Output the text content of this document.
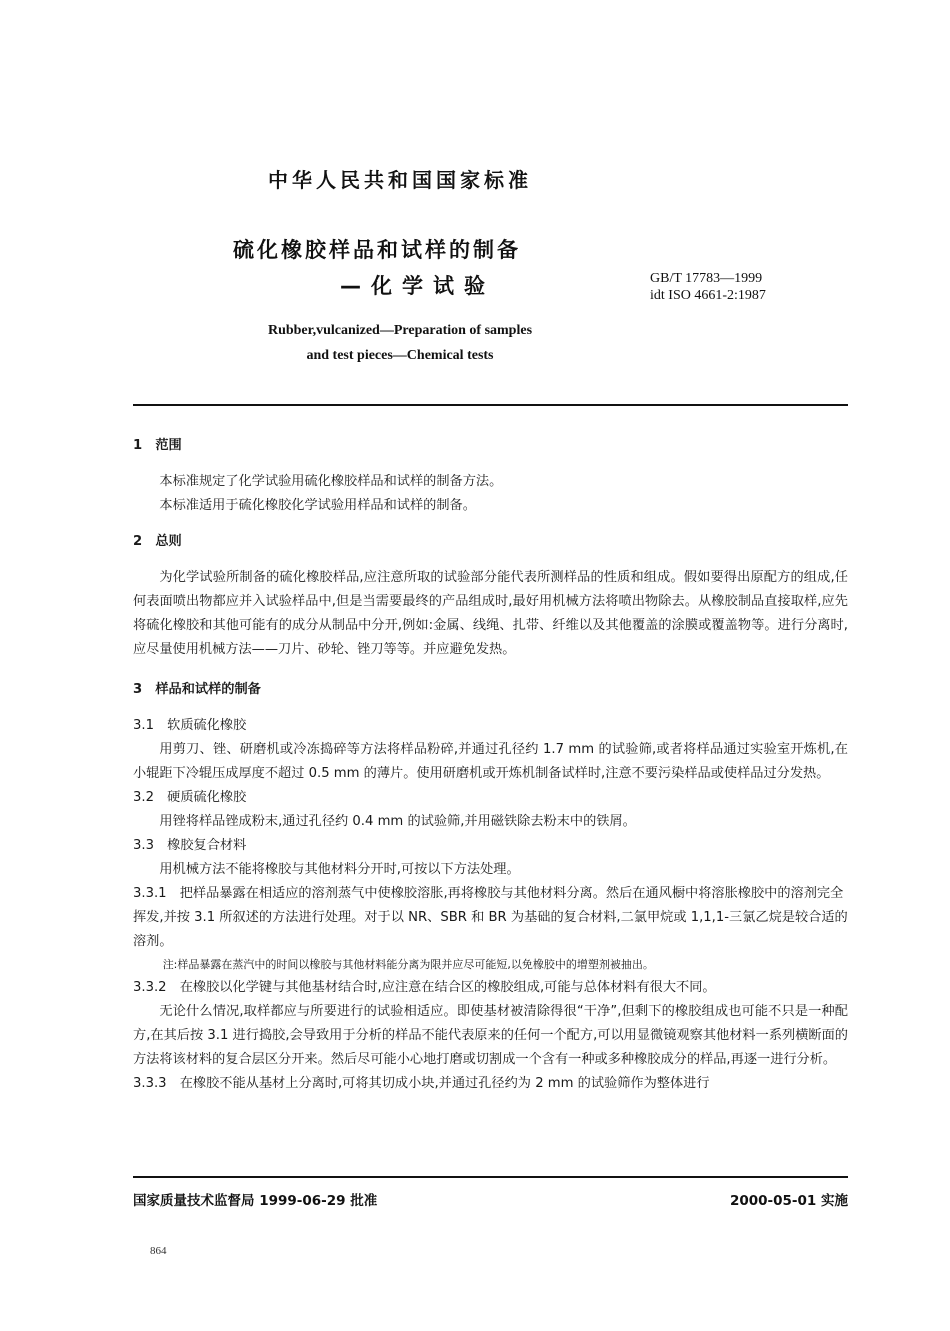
中华人民共和国国家标准
硫化橡胶样品和试样的制备
—化学试验	GB/T 17783—1999
idt ISO 4661-2:1987
Rubber,vulcanized—Preparation of samples
and test pieces—Chemical tests

1　范围

本标准规定了化学试验用硫化橡胶样品和试样的制备方法。

本标准适用于硫化橡胶化学试验用样品和试样的制备。

2　总则

为化学试验所制备的硫化橡胶样品,应注意所取的试验部分能代表所测样品的性质和组成。假如要得出原配方的组成,任何表面喷出物都应并入试验样品中,但是当需要最终的产品组成时,最好用机械方法将喷出物除去。从橡胶制品直接取样,应先将硫化橡胶和其他可能有的成分从制品中分开,例如:金属、线绳、扎带、纤维以及其他覆盖的涂膜或覆盖物等。进行分离时,应尽量使用机械方法——刀片、砂轮、锉刀等等。并应避免发热。

3　样品和试样的制备

3.1　软质硫化橡胶

用剪刀、锉、研磨机或冷冻捣碎等方法将样品粉碎,并通过孔径约 1.7 mm 的试验筛,或者将样品通过实验室开炼机,在小辊距下冷辊压成厚度不超过 0.5 mm 的薄片。使用研磨机或开炼机制备试样时,注意不要污染样品或使样品过分发热。

3.2　硬质硫化橡胶

用锉将样品锉成粉末,通过孔径约 0.4 mm 的试验筛,并用磁铁除去粉末中的铁屑。

3.3　橡胶复合材料

用机械方法不能将橡胶与其他材料分开时,可按以下方法处理。

3.3.1　把样品暴露在相适应的溶剂蒸气中使橡胶溶胀,再将橡胶与其他材料分离。然后在通风橱中将溶胀橡胶中的溶剂完全挥发,并按 3.1 所叙述的方法进行处理。对于以 NR、SBR 和 BR 为基础的复合材料,二氯甲烷或 1,1,1-三氯乙烷是较合适的溶剂。

注:样品暴露在蒸汽中的时间以橡胶与其他材料能分离为限并应尽可能短,以免橡胶中的增塑剂被抽出。

3.3.2　在橡胶以化学键与其他基材结合时,应注意在结合区的橡胶组成,可能与总体材料有很大不同。

无论什么情况,取样都应与所要进行的试验相适应。即使基材被清除得很“干净”,但剩下的橡胶组成也可能不只是一种配方,在其后按 3.1 进行捣胶,会导致用于分析的样品不能代表原来的任何一个配方,可以用显微镜观察其他材料一系列横断面的方法将该材料的复合层区分开来。然后尽可能小心地打磨或切割成一个含有一种或多种橡胶成分的样品,再逐一进行分析。

3.3.3　在橡胶不能从基材上分离时,可将其切成小块,并通过孔径约为 2 mm 的试验筛作为整体进行

国家质量技术监督局 1999-06-29 批准	2000-05-01 实施
864
